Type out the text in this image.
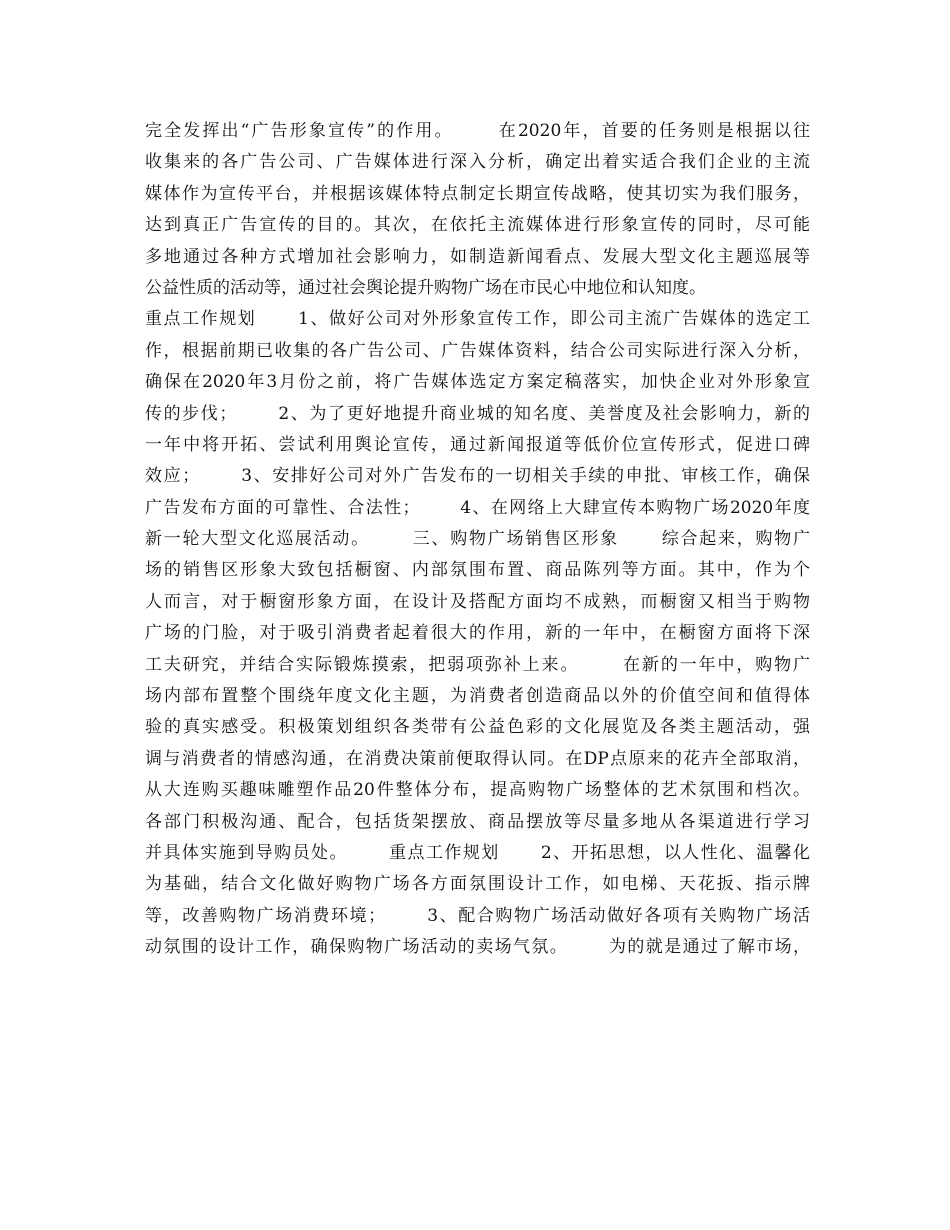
完全发挥出“广告形象宣传”的作用。      在2020年，首要的任务则是根据以往
收集来的各广告公司、广告媒体进行深入分析，确定出着实适合我们企业的主流
媒体作为宣传平台，并根据该媒体特点制定长期宣传战略，使其切实为我们服务，
达到真正广告宣传的目的。其次，在依托主流媒体进行形象宣传的同时，尽可能
多地通过各种方式增加社会影响力，如制造新闻看点、发展大型文化主题巡展等
公益性质的活动等，通过社会舆论提升购物广场在市民心中地位和认知度。
重点工作规划      1、做好公司对外形象宣传工作，即公司主流广告媒体的选定工
作，根据前期已收集的各广告公司、广告媒体资料，结合公司实际进行深入分析，
确保在2020年3月份之前，将广告媒体选定方案定稿落实，加快企业对外形象宣
传的步伐；      2、为了更好地提升商业城的知名度、美誉度及社会影响力，新的
一年中将开拓、尝试利用舆论宣传，通过新闻报道等低价位宣传形式，促进口碑
效应；      3、安排好公司对外广告发布的一切相关手续的申批、审核工作，确保
广告发布方面的可靠性、合法性；      4、在网络上大肆宣传本购物广场2020年度
新一轮大型文化巡展活动。      三、购物广场销售区形象      综合起来，购物广
场的销售区形象大致包括橱窗、内部氛围布置、商品陈列等方面。其中，作为个
人而言，对于橱窗形象方面，在设计及搭配方面均不成熟，而橱窗又相当于购物
广场的门脸，对于吸引消费者起着很大的作用，新的一年中，在橱窗方面将下深
工夫研究，并结合实际锻炼摸索，把弱项弥补上来。      在新的一年中，购物广
场内部布置整个围绕年度文化主题，为消费者创造商品以外的价值空间和值得体
验的真实感受。积极策划组织各类带有公益色彩的文化展览及各类主题活动，强
调与消费者的情感沟通，在消费决策前便取得认同。在DP点原来的花卉全部取消，
从大连购买趣味雕塑作品20件整体分布，提高购物广场整体的艺术氛围和档次。
各部门积极沟通、配合，包括货架摆放、商品摆放等尽量多地从各渠道进行学习
并具体实施到导购员处。      重点工作规划      2、开拓思想，以人性化、温馨化
为基础，结合文化做好购物广场各方面氛围设计工作，如电梯、天花扳、指示牌
等，改善购物广场消费环境；      3、配合购物广场活动做好各项有关购物广场活
动氛围的设计工作，确保购物广场活动的卖场气氛。      为的就是通过了解市场，
